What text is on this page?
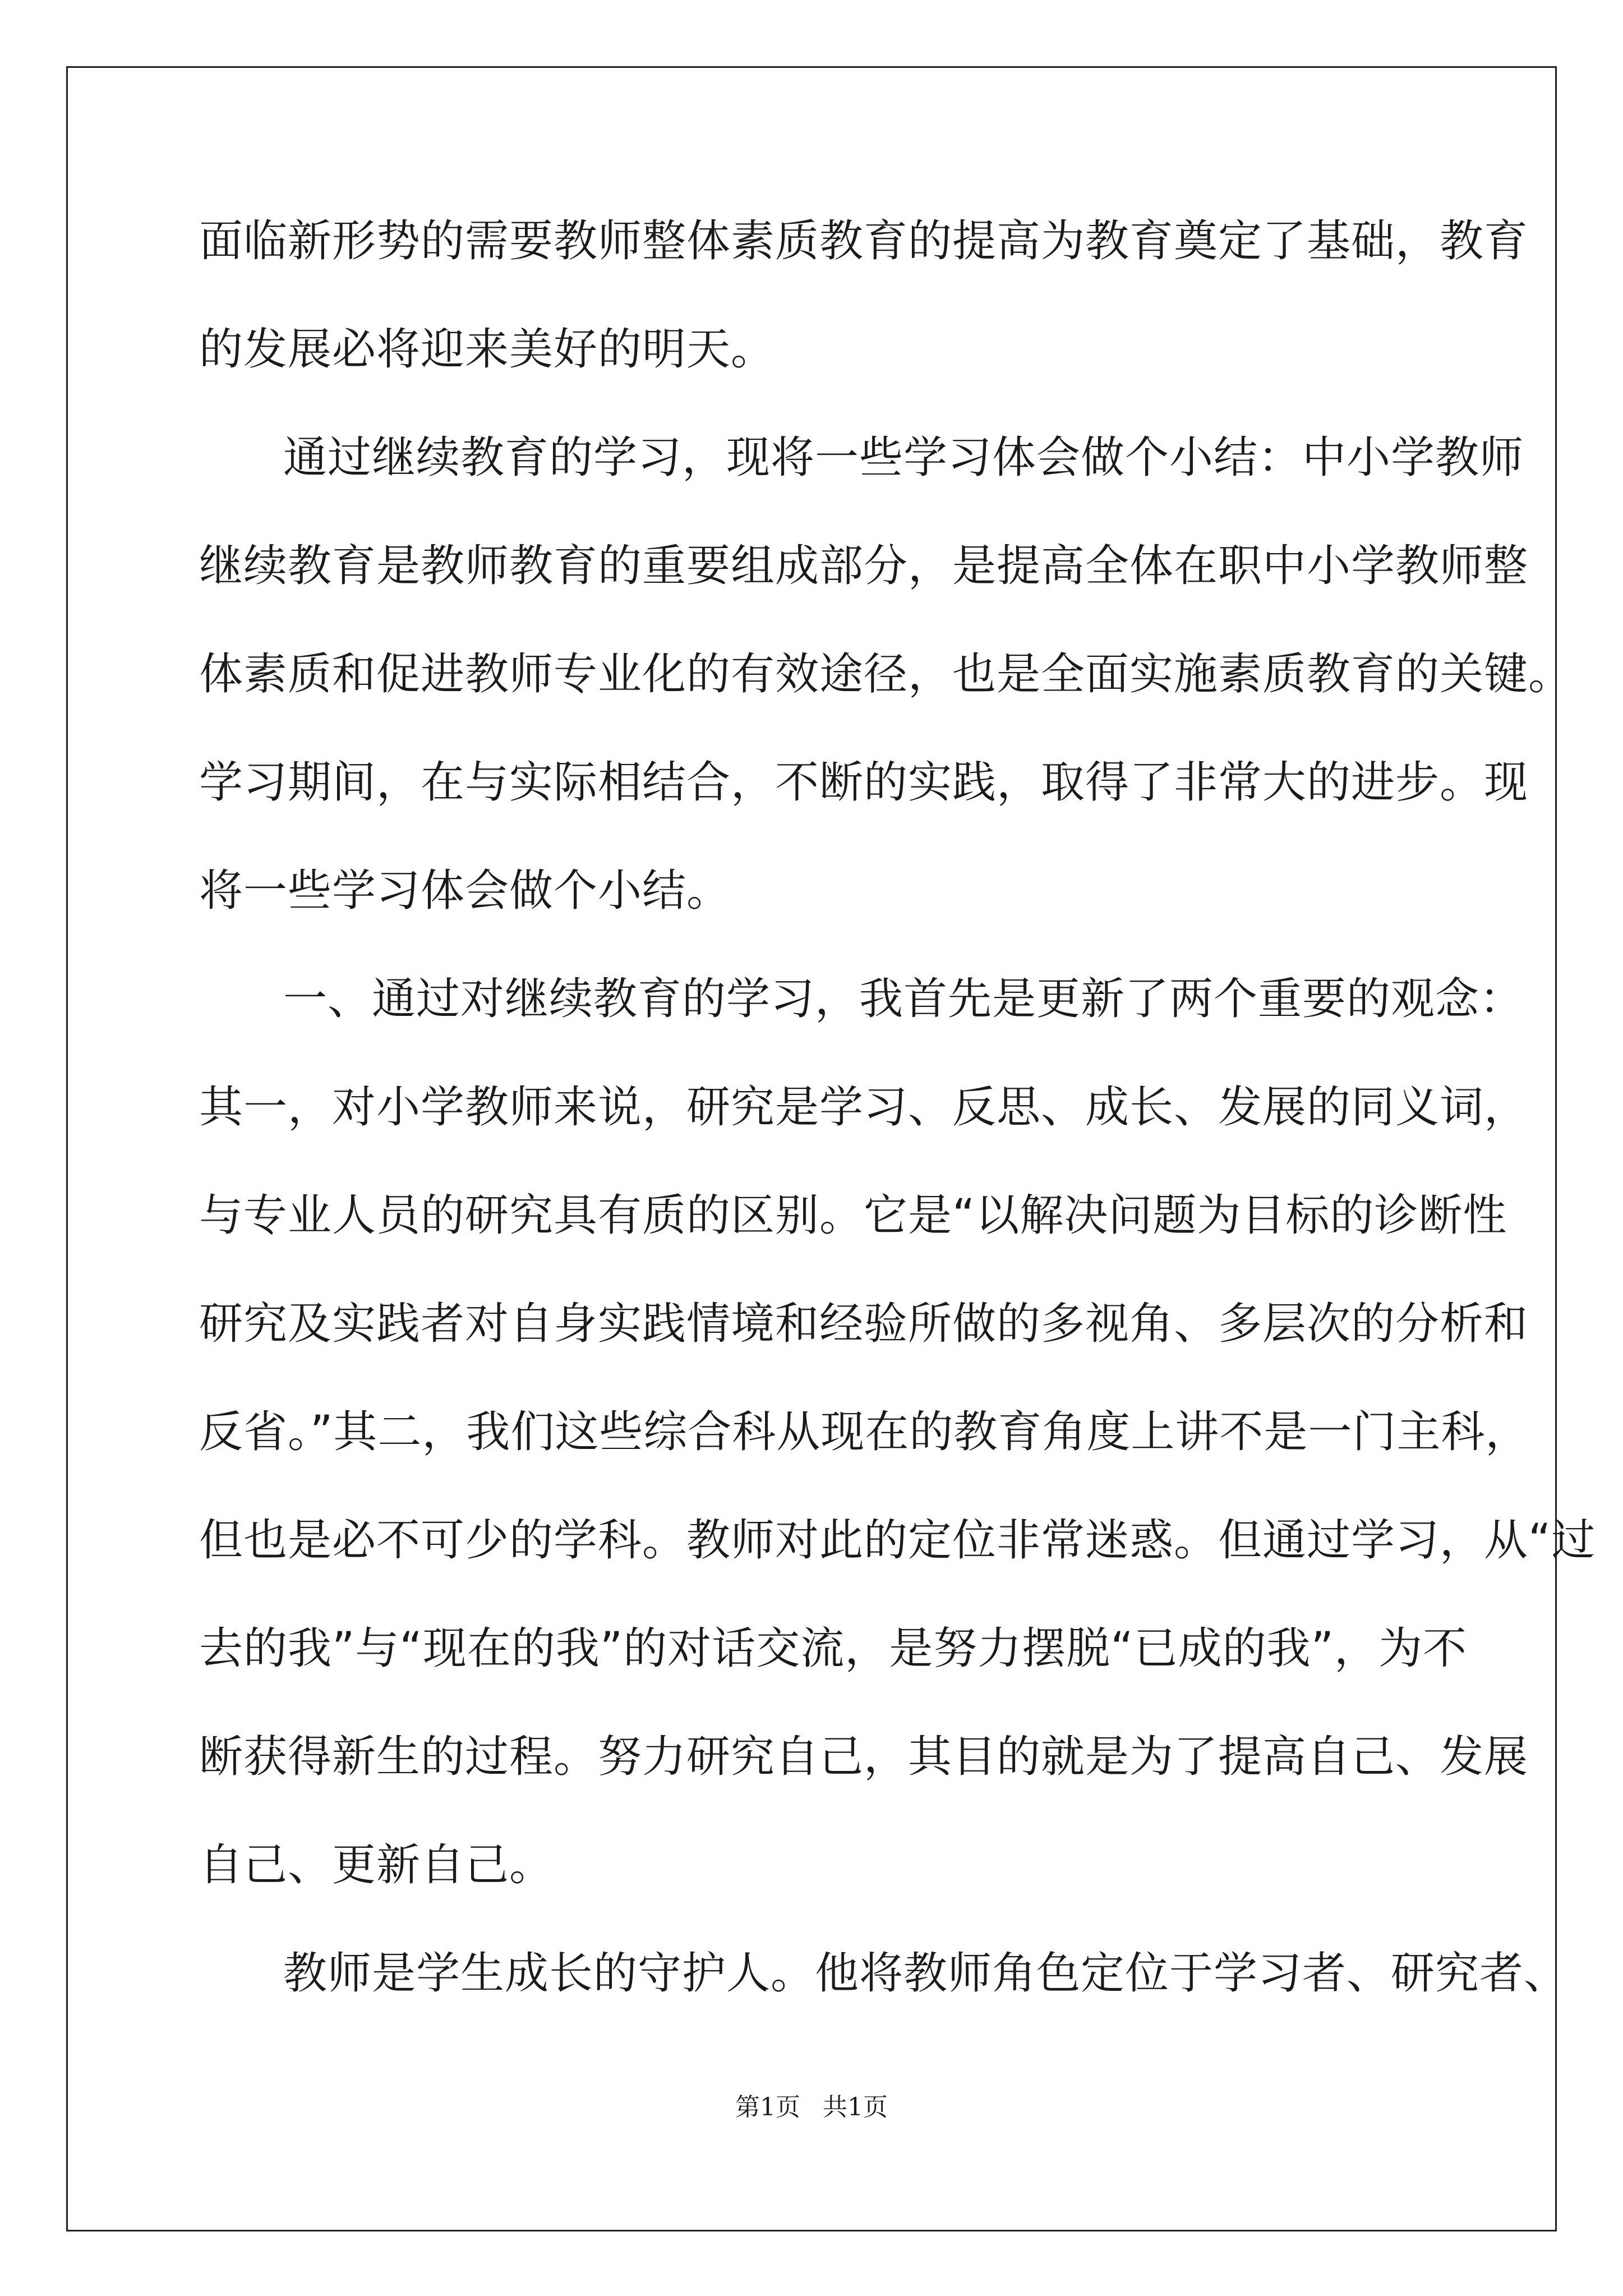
面临新形势的需要教师整体素质教育的提高为教育奠定了基础，教育
的发展必将迎来美好的明天。
通过继续教育的学习，现将一些学习体会做个小结：中小学教师
继续教育是教师教育的重要组成部分，是提高全体在职中小学教师整
体素质和促进教师专业化的有效途径，也是全面实施素质教育的关键。
学习期间，在与实际相结合，不断的实践，取得了非常大的进步。现
将一些学习体会做个小结。
一、通过对继续教育的学习，我首先是更新了两个重要的观念：
其一，对小学教师来说，研究是学习、反思、成长、发展的同义词，
与专业人员的研究具有质的区别。它是“以解决问题为目标的诊断性
研究及实践者对自身实践情境和经验所做的多视角、多层次的分析和
反省。”其二，我们这些综合科从现在的教育角度上讲不是一门主科，
但也是必不可少的学科。教师对此的定位非常迷惑。但通过学习，从“过
去的我”与“现在的我”的对话交流，是努力摆脱“已成的我”，为不
断获得新生的过程。努力研究自己，其目的就是为了提高自己、发展
自己、更新自己。
教师是学生成长的守护人。他将教师角色定位于学习者、研究者、
第1页 共1页
